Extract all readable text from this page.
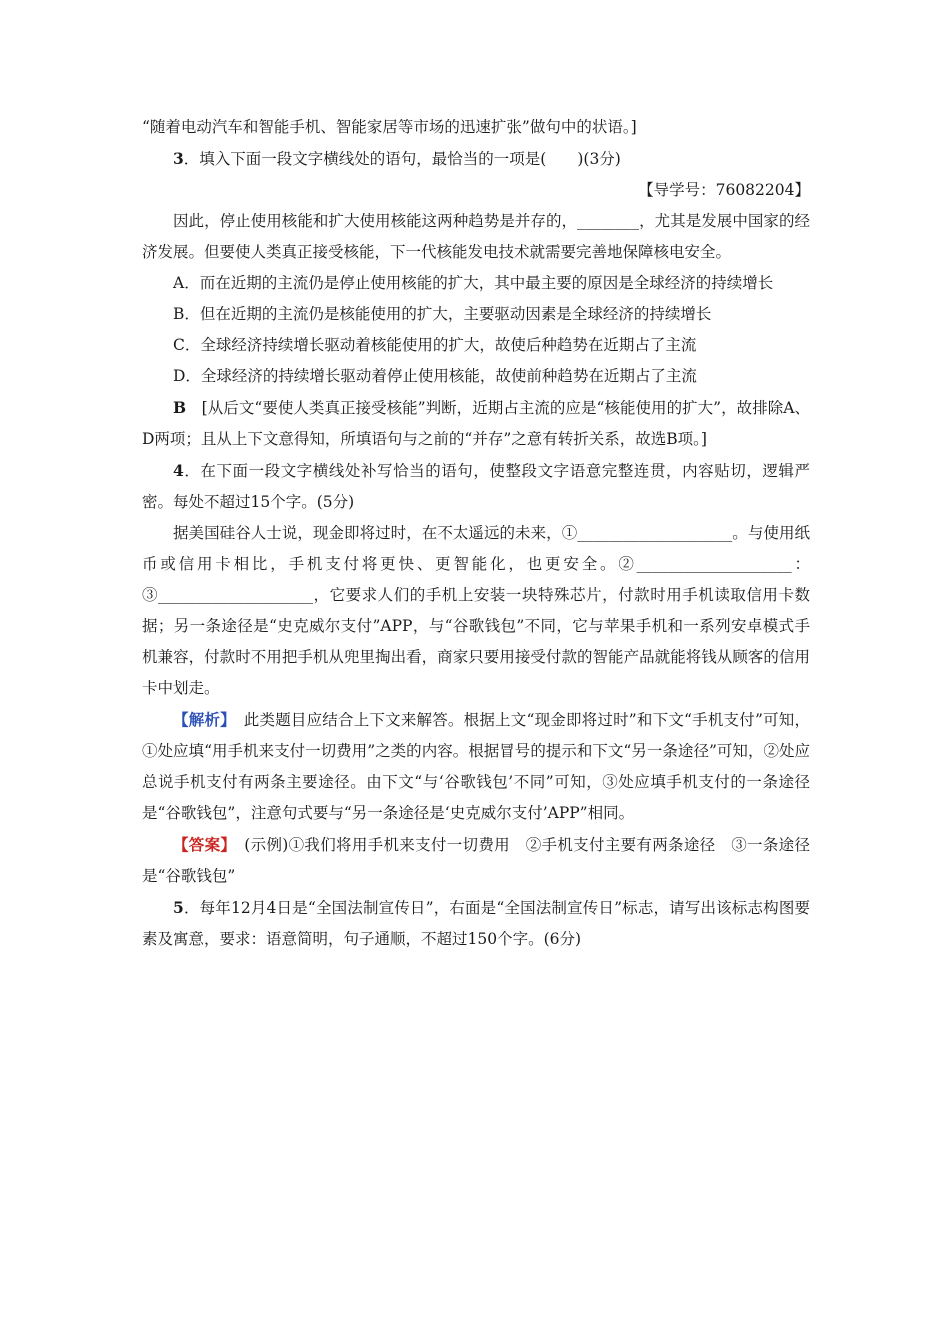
“随着电动汽车和智能手机、智能家居等市场的迅速扩张”做句中的状语。]

3．填入下面一段文字横线处的语句，最恰当的一项是(　　)(3分)

【导学号：76082204】

因此，停止使用核能和扩大使用核能这两种趋势是并存的，________，尤其是发展中国家的经济发展。但要使人类真正接受核能，下一代核能发电技术就需要完善地保障核电安全。

A．而在近期的主流仍是停止使用核能的扩大，其中最主要的原因是全球经济的持续增长

B．但在近期的主流仍是核能使用的扩大，主要驱动因素是全球经济的持续增长

C．全球经济持续增长驱动着核能使用的扩大，故使后种趋势在近期占了主流

D．全球经济的持续增长驱动着停止使用核能，故使前种趋势在近期占了主流

B　[从后文“要使人类真正接受核能”判断，近期占主流的应是“核能使用的扩大”，故排除A、D两项；且从上下文意得知，所填语句与之前的“并存”之意有转折关系，故选B项。]

4．在下面一段文字横线处补写恰当的语句，使整段文字语意完整连贯，内容贴切，逻辑严密。每处不超过15个字。(5分)

据美国硅谷人士说，现金即将过时，在不太遥远的未来，①____________________。与使用纸币或信用卡相比，手机支付将更快、更智能化，也更安全。②____________________：③____________________，它要求人们的手机上安装一块特殊芯片，付款时用手机读取信用卡数据；另一条途径是“史克威尔支付”APP，与“谷歌钱包”不同，它与苹果手机和一系列安卓模式手机兼容，付款时不用把手机从兜里掏出看，商家只要用接受付款的智能产品就能将钱从顾客的信用卡中划走。

【解析】　此类题目应结合上下文来解答。根据上文“现金即将过时”和下文“手机支付”可知，①处应填“用手机来支付一切费用”之类的内容。根据冒号的提示和下文“另一条途径”可知，②处应总说手机支付有两条主要途径。由下文“与‘谷歌钱包’不同”可知，③处应填手机支付的一条途径是“谷歌钱包”，注意句式要与“另一条途径是‘史克威尔支付’APP”相同。

【答案】　(示例)①我们将用手机来支付一切费用　②手机支付主要有两条途径　③一条途径是“谷歌钱包”

5．每年12月4日是“全国法制宣传日”，右面是“全国法制宣传日”标志，请写出该标志构图要素及寓意，要求：语意简明，句子通顺，不超过150个字。(6分)
